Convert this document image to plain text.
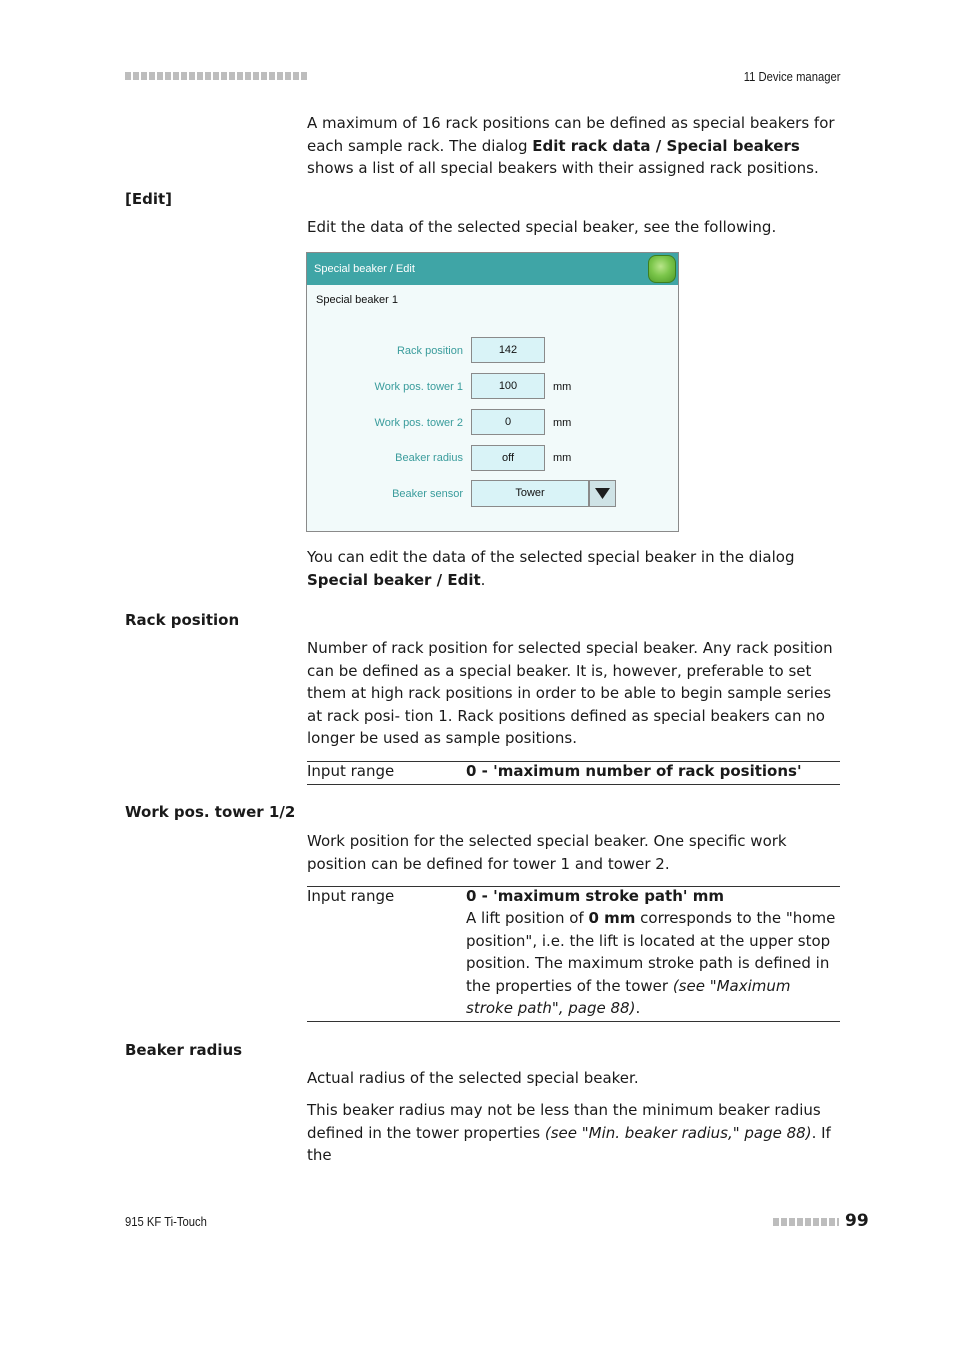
11 Device manager
A maximum of 16 rack positions can be defined as special beakers for each sample rack. The dialog Edit rack data / Special beakers shows a list of all special beakers with their assigned rack positions.
[Edit]
Edit the data of the selected special beaker, see the following.
Special beaker / Edit
Special beaker 1
Rack position	142
Work pos. tower 1	100	mm
Work pos. tower 2	0	mm
Beaker radius	off	mm
Beaker sensor	Tower
You can edit the data of the selected special beaker in the dialog Special beaker / Edit.
Rack position
Number of rack position for selected special beaker. Any rack position can be defined as a special beaker. It is, however, preferable to set them at high rack positions in order to be able to begin sample series at rack posi- tion 1. Rack positions defined as special beakers can no longer be used as sample positions.
Input range	0 - 'maximum number of rack positions'
Work pos. tower 1/2
Work position for the selected special beaker. One specific work position can be defined for tower 1 and tower 2.
Input range	0 - 'maximum stroke path' mm
A lift position of 0 mm corresponds to the "home position", i.e. the lift is located at the upper stop position. The maximum stroke path is defined in the properties of the tower (see "Maximum stroke path", page 88).
Beaker radius
Actual radius of the selected special beaker.
This beaker radius may not be less than the minimum beaker radius defined in the tower properties (see "Min. beaker radius," page 88). If the
915 KF Ti-Touch	99
